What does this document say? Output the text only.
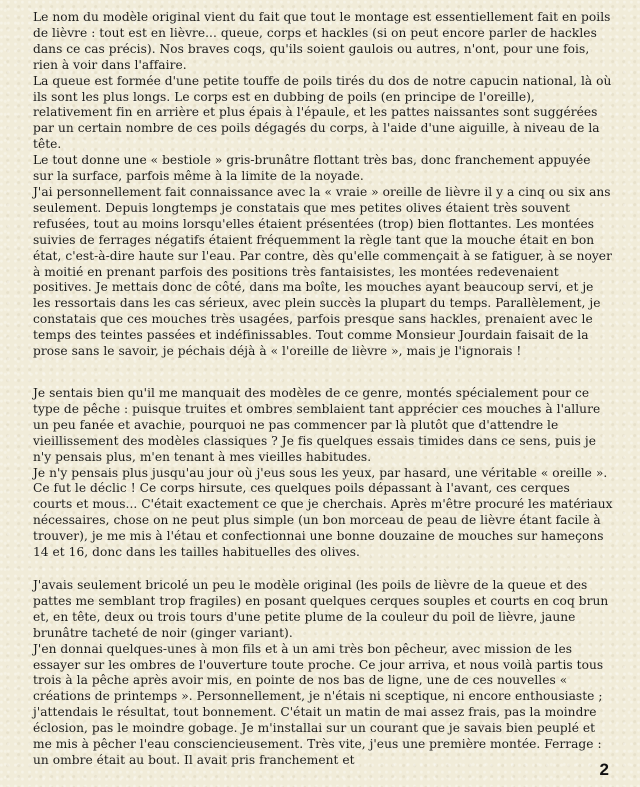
Le nom du modèle original vient du fait que tout le montage est essentiellement fait en poils de lièvre : tout est en lièvre... queue, corps et hackles (si on peut encore parler de hackles dans ce cas précis). Nos braves coqs, qu'ils soient gaulois ou autres, n'ont, pour une fois, rien à voir dans l'affaire.

La queue est formée d'une petite touffe de poils tirés du dos de notre capucin national, là où ils sont les plus longs. Le corps est en dubbing de poils (en principe de l'oreille), relativement fin en arrière et plus épais à l'épaule, et les pattes naissantes sont suggérées par un certain nombre de ces poils dégagés du corps, à l'aide d'une aiguille, à niveau de la tête.

Le tout donne une « bestiole » gris-brunâtre flottant très bas, donc franchement appuyée sur la surface, parfois même à la limite de la noyade.

J'ai personnellement fait connaissance avec la « vraie » oreille de lièvre il y a cinq ou six ans seulement. Depuis longtemps je constatais que mes petites olives étaient très souvent refusées, tout au moins lorsqu'elles étaient présentées (trop) bien flottantes. Les montées suivies de ferrages négatifs étaient fréquemment la règle tant que la mouche était en bon état, c'est-à-dire haute sur l'eau. Par contre, dès qu'elle commençait à se fatiguer, à se noyer à moitié en prenant parfois des positions très fantaisistes, les montées redevenaient positives. Je mettais donc de côté, dans ma boîte, les mouches ayant beaucoup servi, et je les ressortais dans les cas sérieux, avec plein succès la plupart du temps. Parallèlement, je constatais que ces mouches très usagées, parfois presque sans hackles, prenaient avec le temps des teintes passées et indéfinissables. Tout comme Monsieur Jourdain faisait de la prose sans le savoir, je péchais déjà à « l'oreille de lièvre », mais je l'ignorais !

Je sentais bien qu'il me manquait des modèles de ce genre, montés spécialement pour ce type de pêche : puisque truites et ombres semblaient tant apprécier ces mouches à l'allure un peu fanée et avachie, pourquoi ne pas commencer par là plutôt que d'attendre le vieillissement des modèles classiques ? Je fis quelques essais timides dans ce sens, puis je n'y pensais plus, m'en tenant à mes vieilles habitudes.

Je n'y pensais plus jusqu'au jour où j'eus sous les yeux, par hasard, une véritable « oreille ». Ce fut le déclic ! Ce corps hirsute, ces quelques poils dépassant à l'avant, ces cerques courts et mous... C'était exactement ce que je cherchais. Après m'être procuré les matériaux nécessaires, chose on ne peut plus simple (un bon morceau de peau de lièvre étant facile à trouver), je me mis à l'étau et confectionnai une bonne douzaine de mouches sur hameçons 14 et 16, donc dans les tailles habituelles des olives.

J'avais seulement bricolé un peu le modèle original (les poils de lièvre de la queue et des pattes me semblant trop fragiles) en posant quelques cerques souples et courts en coq brun et, en tête, deux ou trois tours d'une petite plume de la couleur du poil de lièvre, jaune brunâtre tacheté de noir (ginger variant).

J'en donnai quelques-unes à mon fils et à un ami très bon pêcheur, avec mission de les essayer sur les ombres de l'ouverture toute proche. Ce jour arriva, et nous voilà partis tous trois à la pêche après avoir mis, en pointe de nos bas de ligne, une de ces nouvelles « créations de printemps ». Personnellement, je n'étais ni sceptique, ni encore enthousiaste ; j'attendais le résultat, tout bonnement. C'était un matin de mai assez frais, pas la moindre éclosion, pas le moindre gobage. Je m'installai sur un courant que je savais bien peuplé et me mis à pêcher l'eau consciencieusement. Très vite, j'eus une première montée. Ferrage : un ombre était au bout. Il avait pris franchement et

2
